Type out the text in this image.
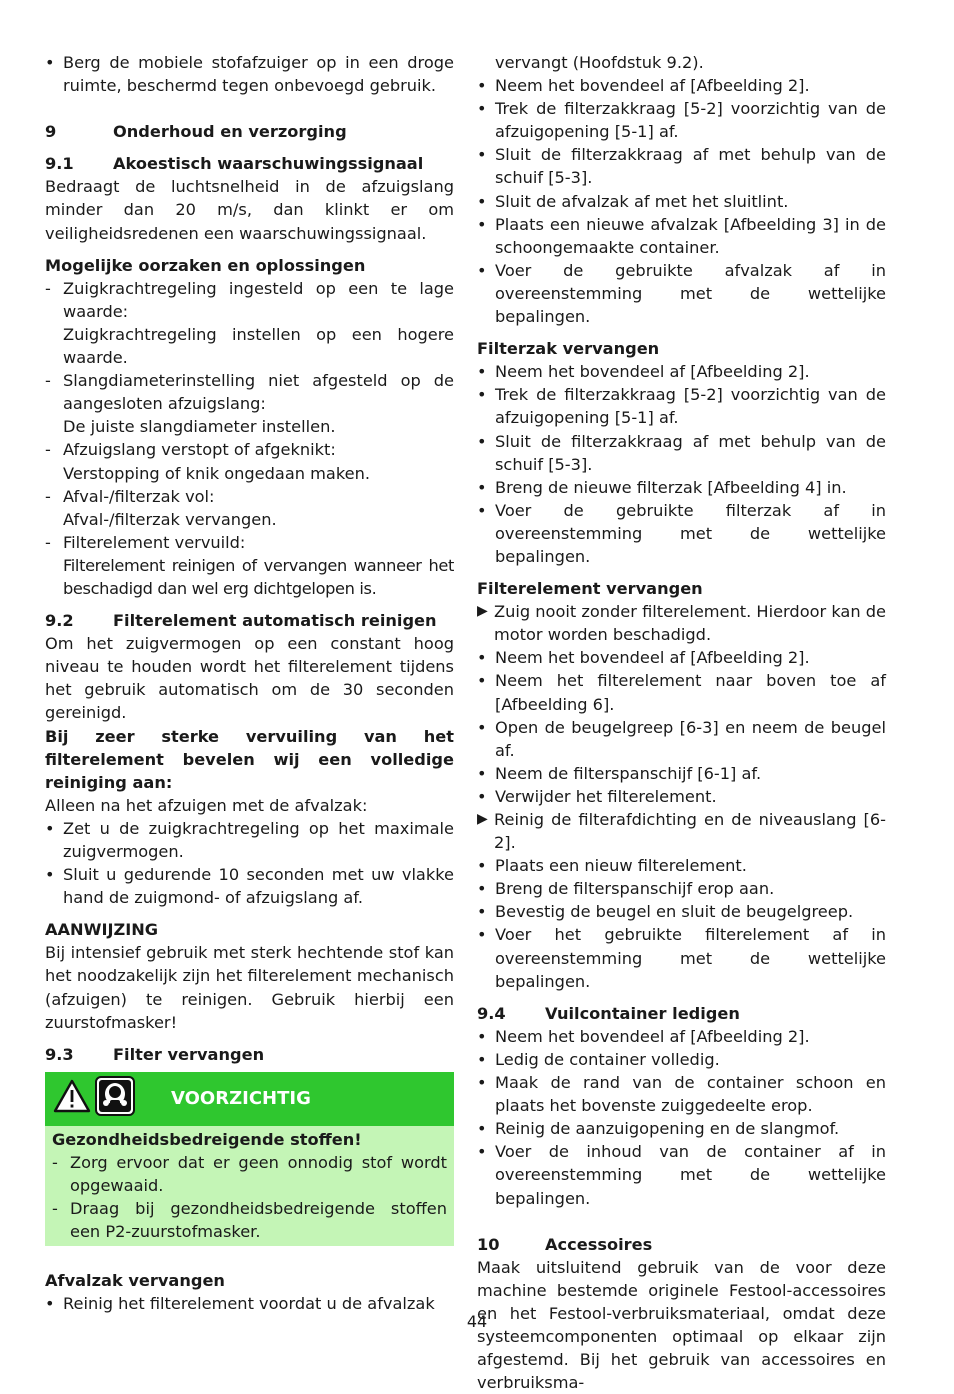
• Berg de mobiele stofafzuiger op in een droge ruimte, beschermd tegen onbevoegd gebruik.
9	Onderhoud en verzorging
9.1	Akoestisch waarschuwingssignaal

Bedraagt de luchtsnelheid in de afzuigslang minder dan 20 m/s, dan klinkt er om veiligheidsredenen een waarschuwingssignaal.

Mogelijke oorzaken en oplossingen

- Zuigkrachtregeling ingesteld op een te lage waarde:
Zuigkrachtregeling instellen op een hogere waarde.
- Slangdiameterinstelling niet afgesteld op de aangesloten afzuigslang:
De juiste slangdiameter instellen.
- Afzuigslang verstopt of afgeknikt:
Verstopping of knik ongedaan maken.
- Afval-/filterzak vol:
Afval-/filterzak vervangen.
- Filterelement vervuild:
Filterelement reinigen of vervangen wanneer het beschadigd dan wel erg dichtgelopen is.
9.2	Filterelement automatisch reinigen

Om het zuigvermogen op een constant hoog niveau te houden wordt het filterelement tijdens het gebruik automatisch om de 30 seconden gereinigd.

Bij zeer sterke vervuiling van het filterelement bevelen wij een volledige reiniging aan:

Alleen na het afzuigen met de afvalzak:

• Zet u de zuigkrachtregeling op het maximale zuigvermogen.
• Sluit u gedurende 10 seconden met uw vlakke hand de zuigmond- of afzuigslang af.

AANWIJZING

Bij intensief gebruik met sterk hechtende stof kan het noodzakelijk zijn het filterelement mechanisch (afzuigen) te reinigen. Gebruik hierbij een zuurstofmasker!

9.3	Filter vervangen
VOORZICHTIG

Gezondheidsbedreigende stoffen!

- Zorg ervoor dat er geen onnodig stof wordt opgewaaid.
- Draag bij gezondheidsbedreigende stoffen een P2-zuurstofmasker.

Afvalzak vervangen

• Reinig het filterelement voordat u de afvalzak

vervangt (Hoofdstuk 9.2).

• Neem het bovendeel af [Afbeelding 2].
• Trek de filterzakkraag [5-2] voorzichtig van de afzuigopening [5-1] af.
• Sluit de filterzakkraag af met behulp van de schuif [5-3].
• Sluit de afvalzak af met het sluitlint.
• Plaats een nieuwe afvalzak [Afbeelding 3] in de schoongemaakte container.
• Voer de gebruikte afvalzak af in overeenstemming met de wettelijke bepalingen.

Filterzak vervangen

• Neem het bovendeel af [Afbeelding 2].
• Trek de filterzakkraag [5-2] voorzichtig van de afzuigopening [5-1] af.
• Sluit de filterzakkraag af met behulp van de schuif [5-3].
• Breng de nieuwe filterzak [Afbeelding 4] in.
• Voer de gebruikte filterzak af in overeenstemming met de wettelijke bepalingen.

Filterelement vervangen

▶ Zuig nooit zonder filterelement. Hierdoor kan de motor worden beschadigd.
• Neem het bovendeel af [Afbeelding 2].
• Neem het filterelement naar boven toe af [Afbeelding 6].
• Open de beugelgreep [6-3] en neem de beugel af.
• Neem de filterspanschijf [6-1] af.
• Verwijder het filterelement.
▶ Reinig de filterafdichting en de niveauslang [6-2].
• Plaats een nieuw filterelement.
• Breng de filterspanschijf erop aan.
• Bevestig de beugel en sluit de beugelgreep.
• Voer het gebruikte filterelement af in overeenstemming met de wettelijke bepalingen.
9.4	Vuilcontainer ledigen
• Neem het bovendeel af [Afbeelding 2].
• Ledig de container volledig.
• Maak de rand van de container schoon en plaats het bovenste zuiggedeelte erop.
• Reinig de aanzuigopening en de slangmof.
• Voer de inhoud van de container af in overeenstemming met de wettelijke bepalingen.
10	Accessoires

Maak uitsluitend gebruik van de voor deze machine bestemde originele Festool-accessoires en het Festool-verbruiksmateriaal, omdat deze systeemcomponenten optimaal op elkaar zijn afgestemd. Bij het gebruik van accessoires en verbruiksma-

44
